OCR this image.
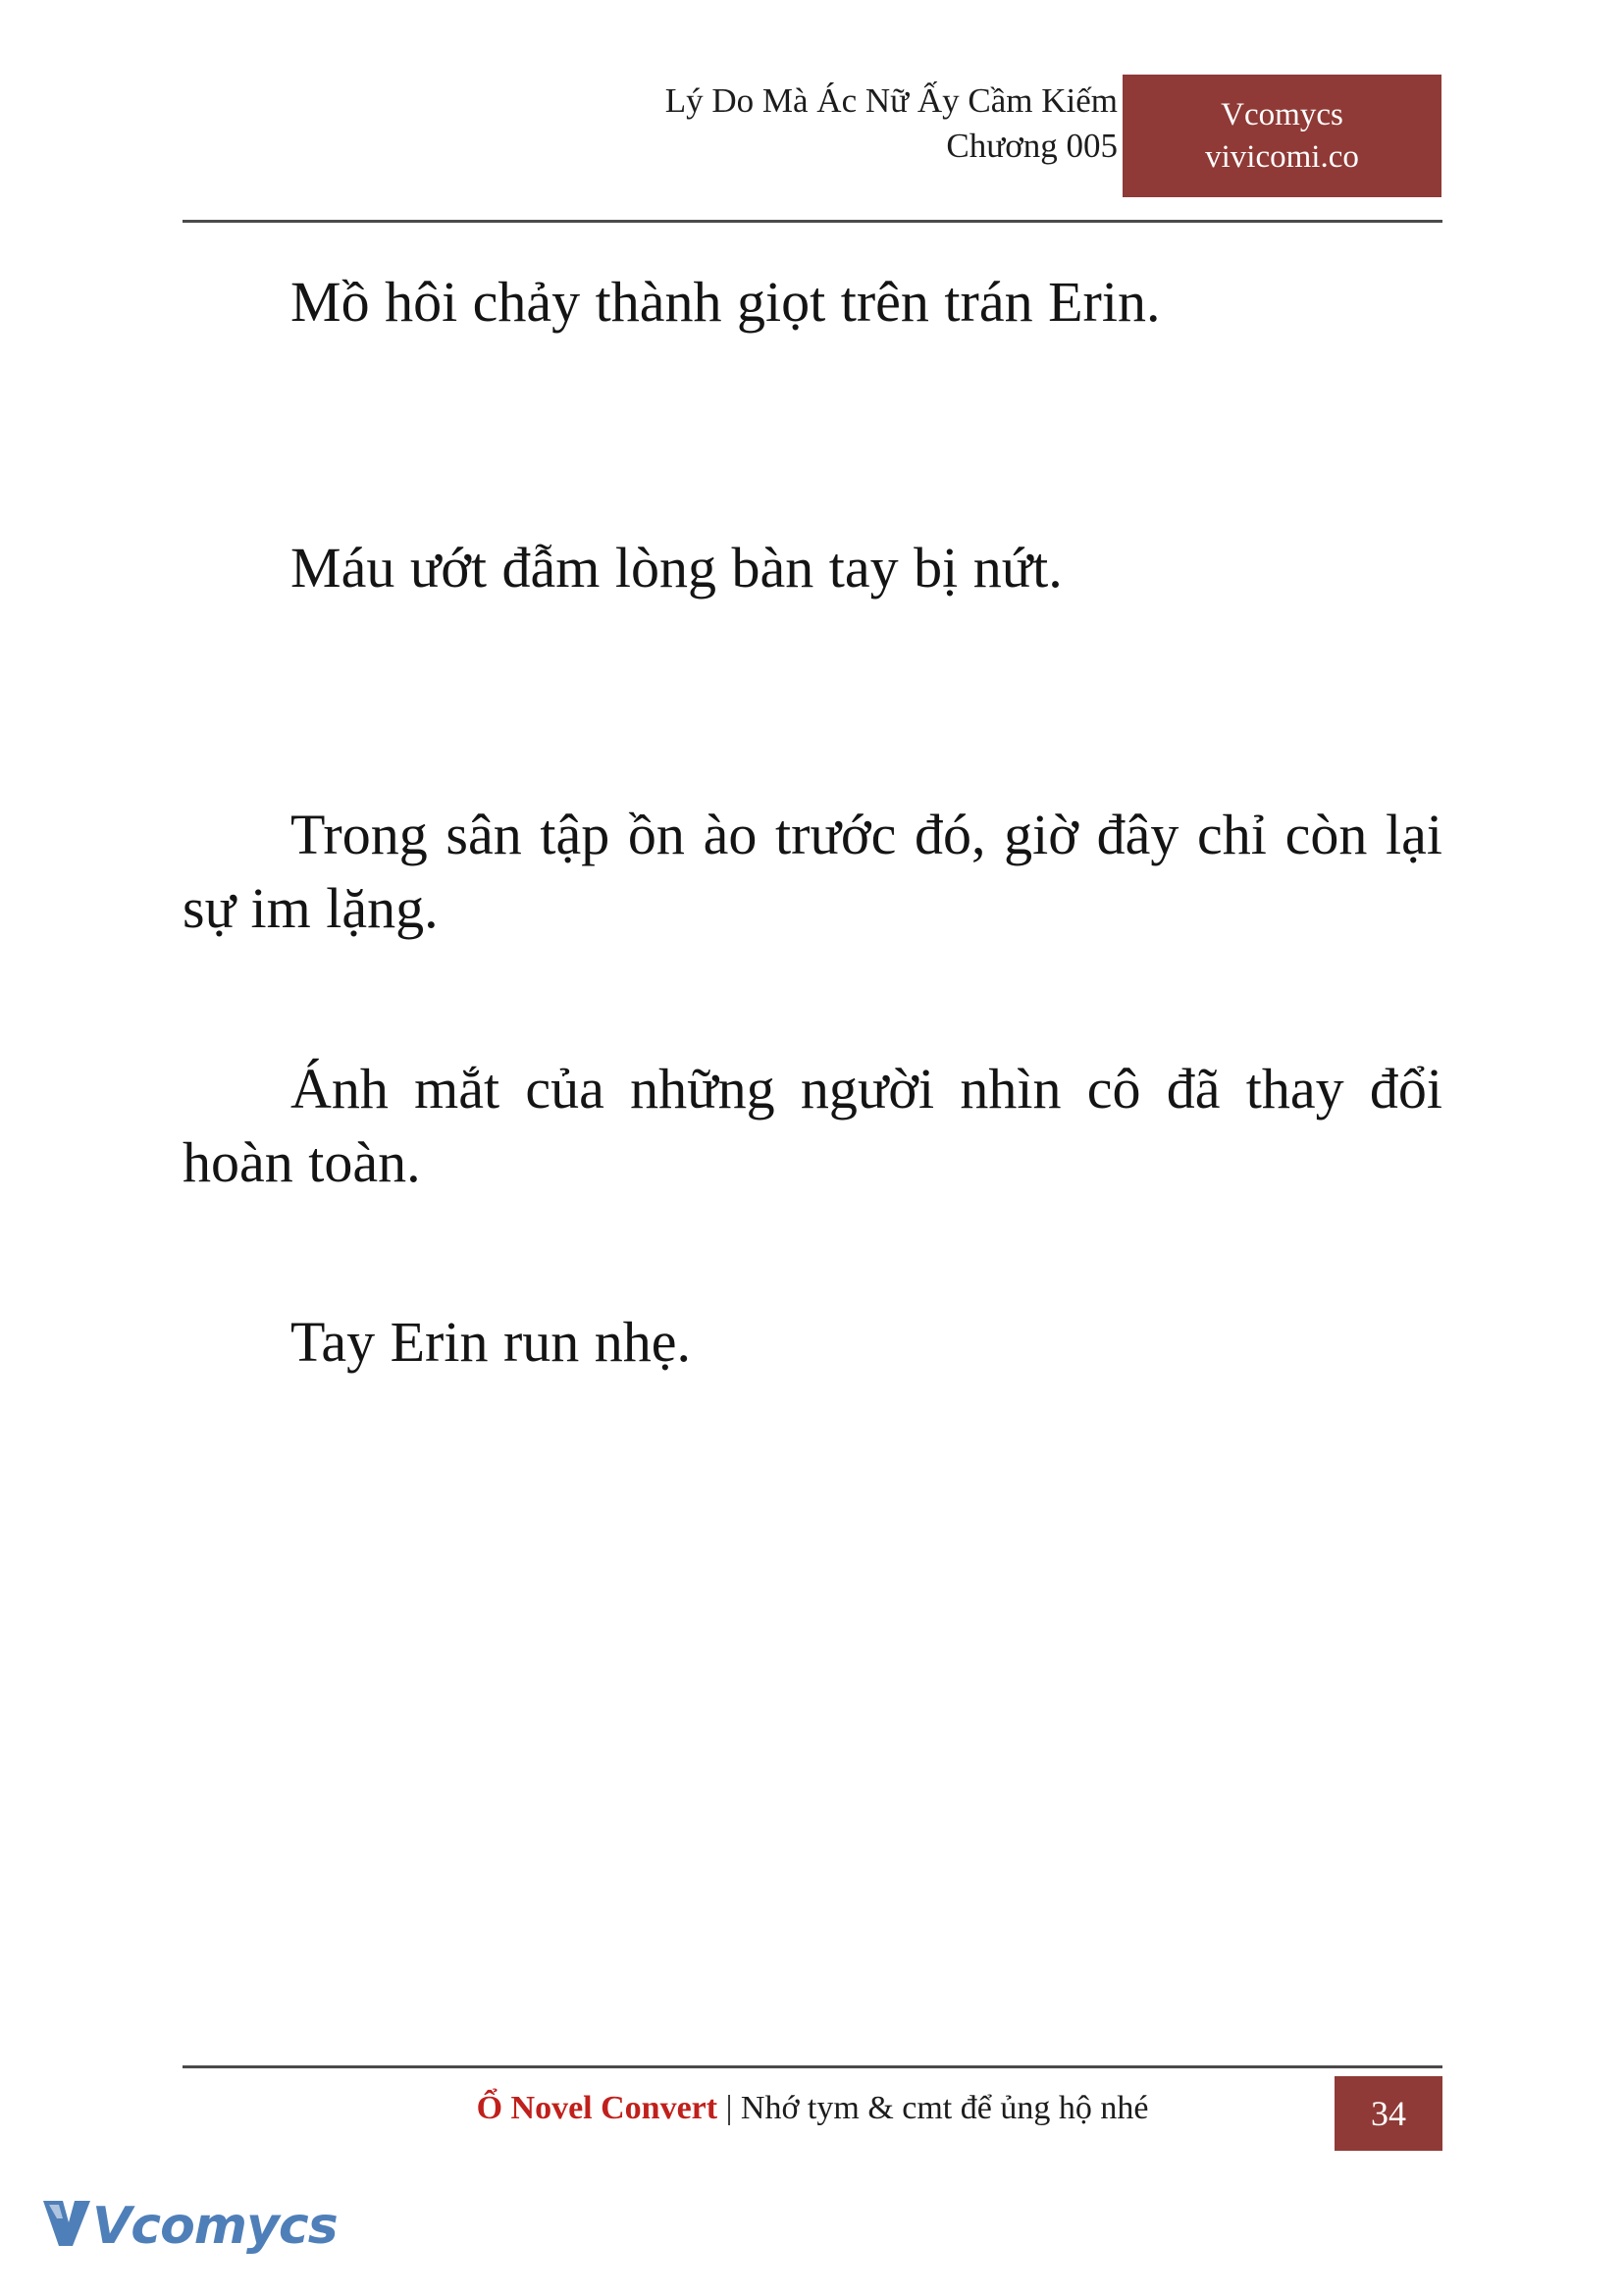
Lý Do Mà Ác Nữ Ấy Cầm Kiếm
Chương 005
Vcomycs
vivicomi.co

Mồ hôi chảy thành giọt trên trán Erin.

Máu ướt đẫm lòng bàn tay bị nứt.

Trong sân tập ồn ào trước đó, giờ đây chỉ còn lại sự im lặng.

Ánh mắt của những người nhìn cô đã thay đổi hoàn toàn.

Tay Erin run nhẹ.

Ổ Novel Convert | Nhớ tym & cmt để ủng hộ nhé	34
Vcomycs
